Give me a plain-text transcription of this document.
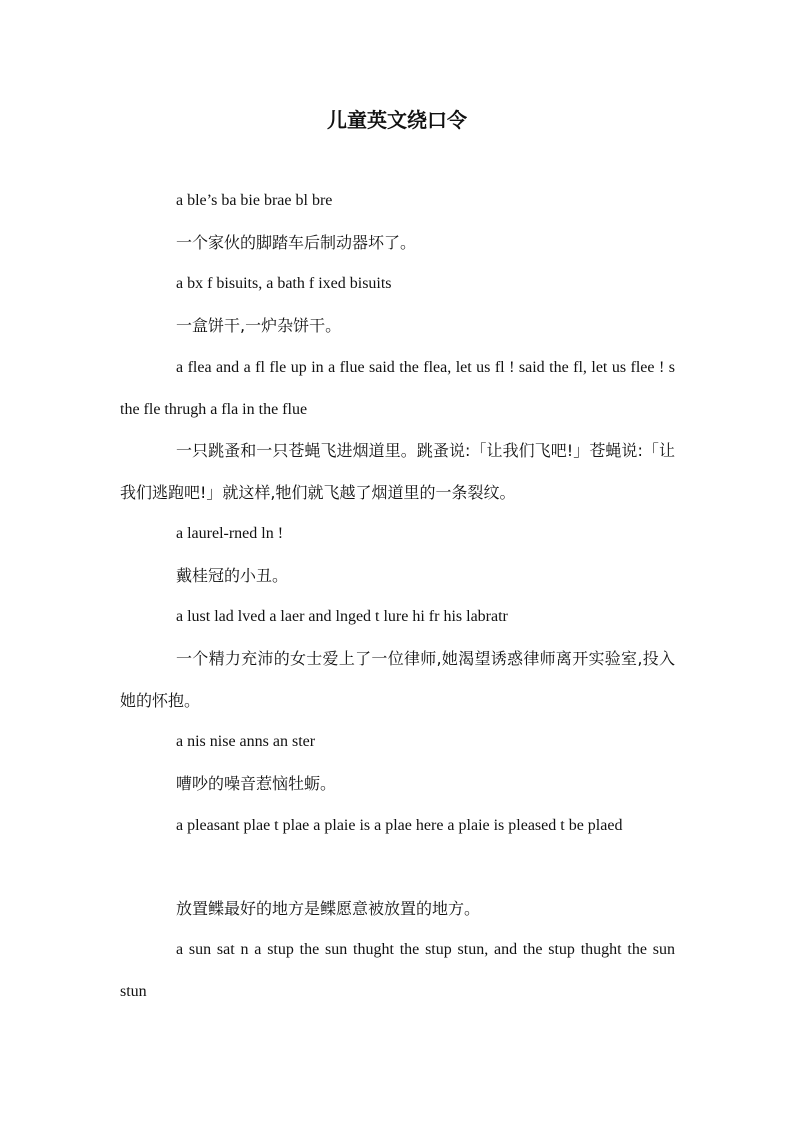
儿童英文绕口令

a ble’s ba bie brae bl bre

一个家伙的脚踏车后制动器坏了。

a bx f bisuits, a bath f ixed bisuits

一盒饼干,一炉杂饼干。

a flea and a fl fle up in a flue said the flea, let us fl ! said the fl, let us flee ! s the fle thrugh a fla in the flue

一只跳蚤和一只苍蝇飞进烟道里。跳蚤说:「让我们飞吧!」苍蝇说:「让我们逃跑吧!」就这样,牠们就飞越了烟道里的一条裂纹。

a laurel-rned ln !

戴桂冠的小丑。

a lust lad lved a laer and lnged t lure hi fr his labratr

一个精力充沛的女士爱上了一位律师,她渴望诱惑律师离开实验室,投入她的怀抱。

a nis nise anns an ster

嘈吵的噪音惹恼牡蛎。

a pleasant plae t plae a plaie is a plae here a plaie is pleased t be plaed

放置鲽最好的地方是鲽愿意被放置的地方。

a sun sat n a stup the sun thught the stup stun, and the stup thught the sun stun
